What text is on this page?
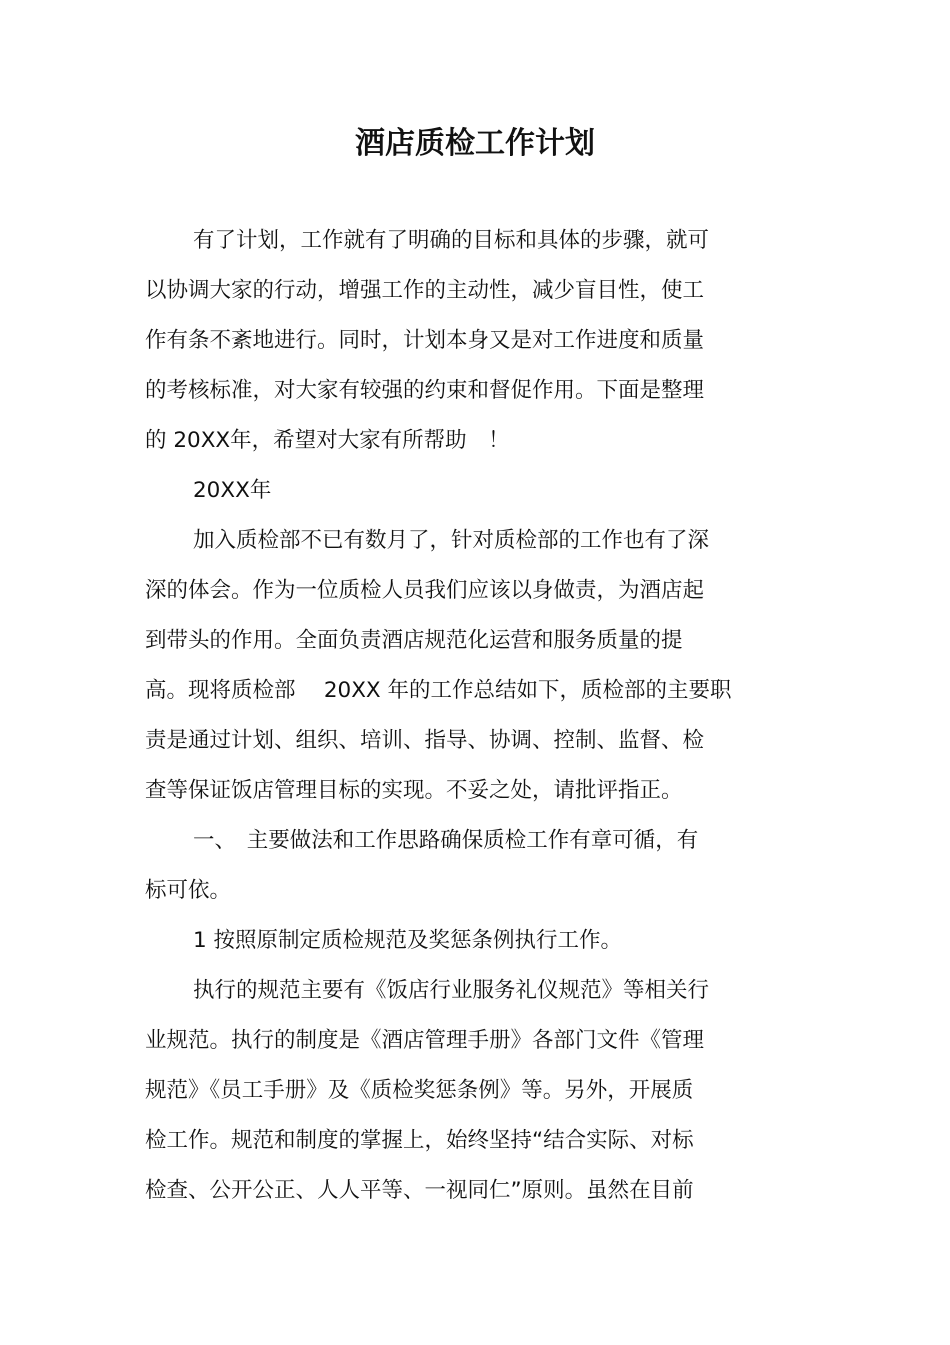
酒店质检工作计划
有了计划，工作就有了明确的目标和具体的步骤，就可
以协调大家的行动，增强工作的主动性，减少盲目性，使工
作有条不紊地进行。同时，计划本身又是对工作进度和质量
的考核标准，对大家有较强的约束和督促作用。下面是整理
的 20XX年，希望对大家有所帮助　！
20XX年
加入质检部不已有数月了，针对质检部的工作也有了深
深的体会。作为一位质检人员我们应该以身做责，为酒店起
到带头的作用。全面负责酒店规范化运营和服务质量的提
高。现将质检部　 20XX 年的工作总结如下，质检部的主要职
责是通过计划、组织、培训、指导、协调、控制、监督、检
查等保证饭店管理目标的实现。不妥之处，请批评指正。
一、　主要做法和工作思路确保质检工作有章可循，有
标可依。
1 按照原制定质检规范及奖惩条例执行工作。
执行的规范主要有《饭店行业服务礼仪规范》等相关行
业规范。执行的制度是《酒店管理手册》各部门文件《管理
规范》《员工手册》及《质检奖惩条例》等。另外，开展质
检工作。规范和制度的掌握上，始终坚持“结合实际、对标
检查、公开公正、人人平等、一视同仁”原则。虽然在目前
